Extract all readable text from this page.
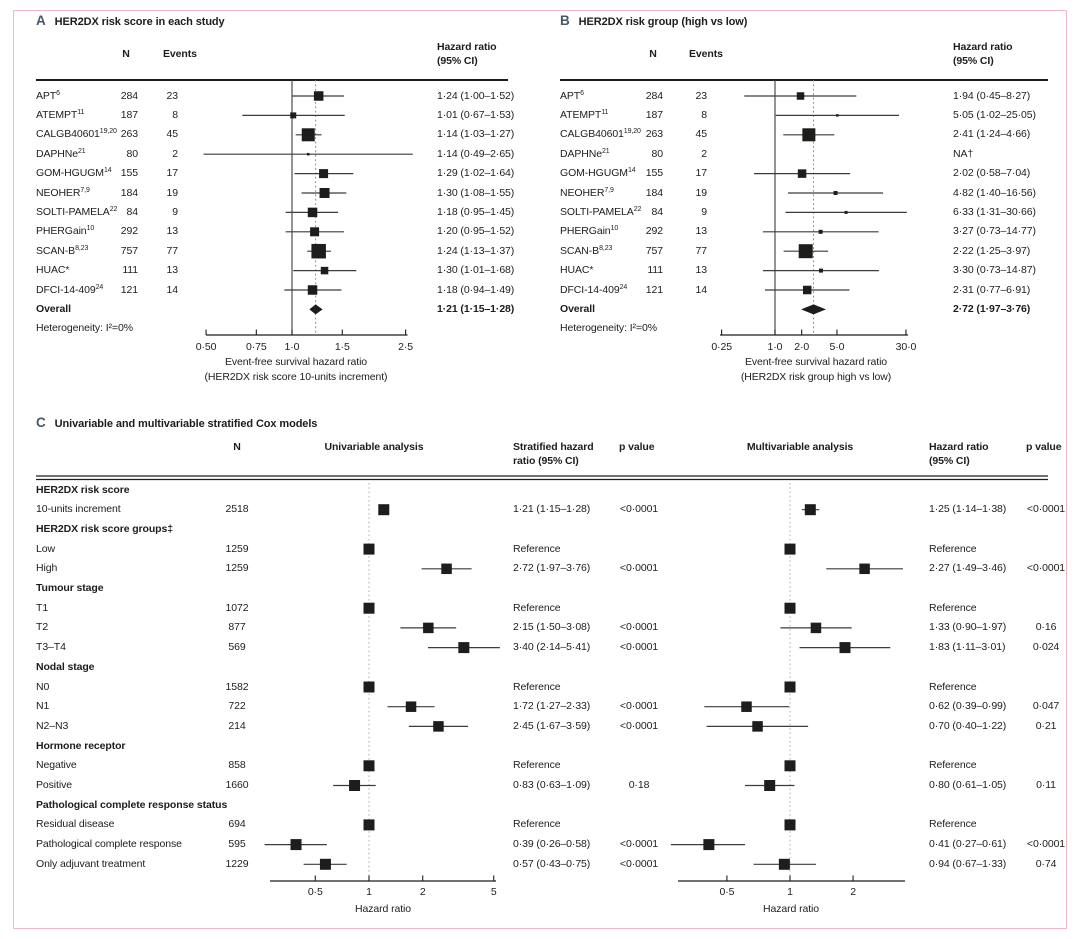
A HER2DX risk score in each study
N	Events
Hazard ratio
(95% CI)
Heterogeneity: I²=0%
Event-free survival hazard ratio
(HER2DX risk score 10-units increment)
B HER2DX risk group (high vs low)
N	Events
Hazard ratio
(95% CI)
Heterogeneity: I²=0%
Event-free survival hazard ratio
(HER2DX risk group high vs low)
C Univariable and multivariable stratified Cox models
N	Univariable analysis	Stratified hazard
ratio (95% CI)
p value	Multivariable analysis	Hazard ratio
(95% CI)
p value
Hazard ratio	Hazard ratio
0·50	0·75	1·0	1·5	2·5
APT$^6$	284	23	1·24 (1·00–1·52)
ATEMPT$^{11}$	187	8	1·01 (0·67–1·53)
CALGB40601$^{19,20}$ 263	45	1·14 (1·03–1·27)
DAPHNe$^{21}$	80	2	1·14 (0·49–2·65)
GOM-HGUGM$^{14}$ 155	17	1·29 (1·02–1·64)
NEOHER$^{7,9}$	184	19	1·30 (1·08–1·55)
SOLTI-PAMELA$^{22}$ 84	9	1·18 (0·95–1·45)
PHERGain$^{10}$	292	13	1·20 (0·95–1·52)
SCAN-$B^{8,23}$	757	77	1·24 (1·13–1·37)
HUAC*	111	13	1·30 (1·01–1·68)
DFCI-$14-409^{24}$	121	14	1·18 (0·94–1·49)
Overall	1·21 (1·15–1·28)
0·25	1·0	2·0	5·0	30·0
APT$^6$	284	23	1·94 (0·45–8·27)
ATEMPT$^{11}$	187	8	5·05 (1·02–25·05)
CALGB40601$^{19,20}$ 263	45	2·41 (1·24–4·66)
DAPHNe$^{21}$	80	2	NA†
GOM-HGUGM$^{14}$ 155	17	2·02 (0·58–7·04)
NEOHER$^{7,9}$	184	19	4·82 (1·40–16·56)
SOLTI-PAMELA$^{22}$ 84	9	6·33 (1·31–30·66)
PHERGain$^{10}$	292	13	3·27 (0·73–14·77)
SCAN-$B^{8,23}$	757	77	2·22 (1·25–3·97)
HUAC*	111	13	3·30 (0·73–14·87)
DFCI-$14-409^{24}$	121	14	2·31 (0·77–6·91)
Overall	2·72 (1·97–3·76)
0·5	1	2	5	0·5	1	2
HER2DX risk score
10-units increment	2518	1·21 (1·15–1·28)	<0·0001	1·25 (1·14–1·38)	<0·0001
HER2DX risk score groups‡
Low	1259	Reference	Reference
High	1259	2·72 (1·97–3·76)	<0·0001	2·27 (1·49–3·46)	<0·0001
Tumour stage
T1	1072	Reference	Reference
T2	877	2·15 (1·50–3·08)	<0·0001	1·33 (0·90–1·97)	0·16
T3–T4	569	3·40 (2·14–5·41)	<0·0001	1·83 (1·11–3·01)	0·024
Nodal stage
N0	1582	Reference	Reference
N1	722	1·72 (1·27–2·33)	<0·0001	0·62 (0·39–0·99)	0·047
N2–N3	214	2·45 (1·67–3·59)	<0·0001	0·70 (0·40–1·22)	0·21
Hormone receptor
Negative	858	Reference	Reference
Positive	1660	0·83 (0·63–1·09)	0·18	0·80 (0·61–1·05)	0·11
Pathological complete response status
Residual disease	694	Reference	Reference
Pathological complete response	595	0·39 (0·26–0·58)	<0·0001	0·41 (0·27–0·61)	<0·0001
Only adjuvant treatment	1229	0·57 (0·43–0·75)	<0·0001	0·94 (0·67–1·33)	0·74
